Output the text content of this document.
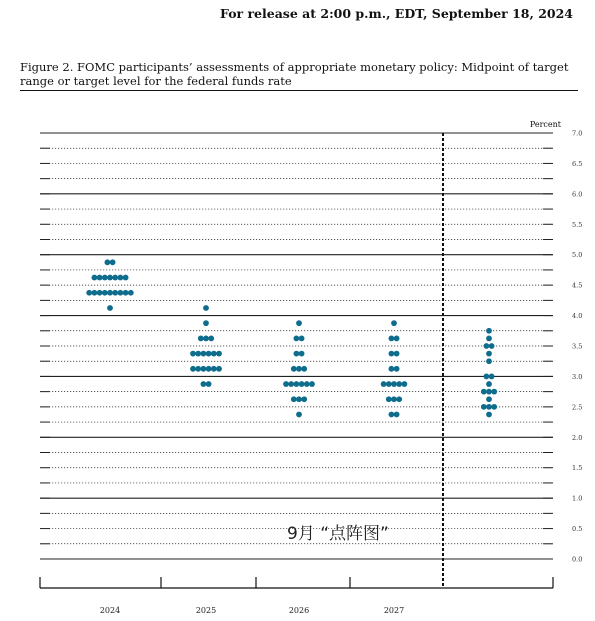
For release at 2:00 p.m., EDT, September 18, 2024
Figure 2. FOMC participants’ assessments of appropriate monetary policy: Midpoint of target range or target level for the federal funds rate
Percent
0.0
0.5
1.0
1.5
2.0
2.5
3.0
3.5
4.0
4.5
5.0
5.5
6.0
6.5
7.0
2024	2025	2026	2027
9月 “点阵图”
